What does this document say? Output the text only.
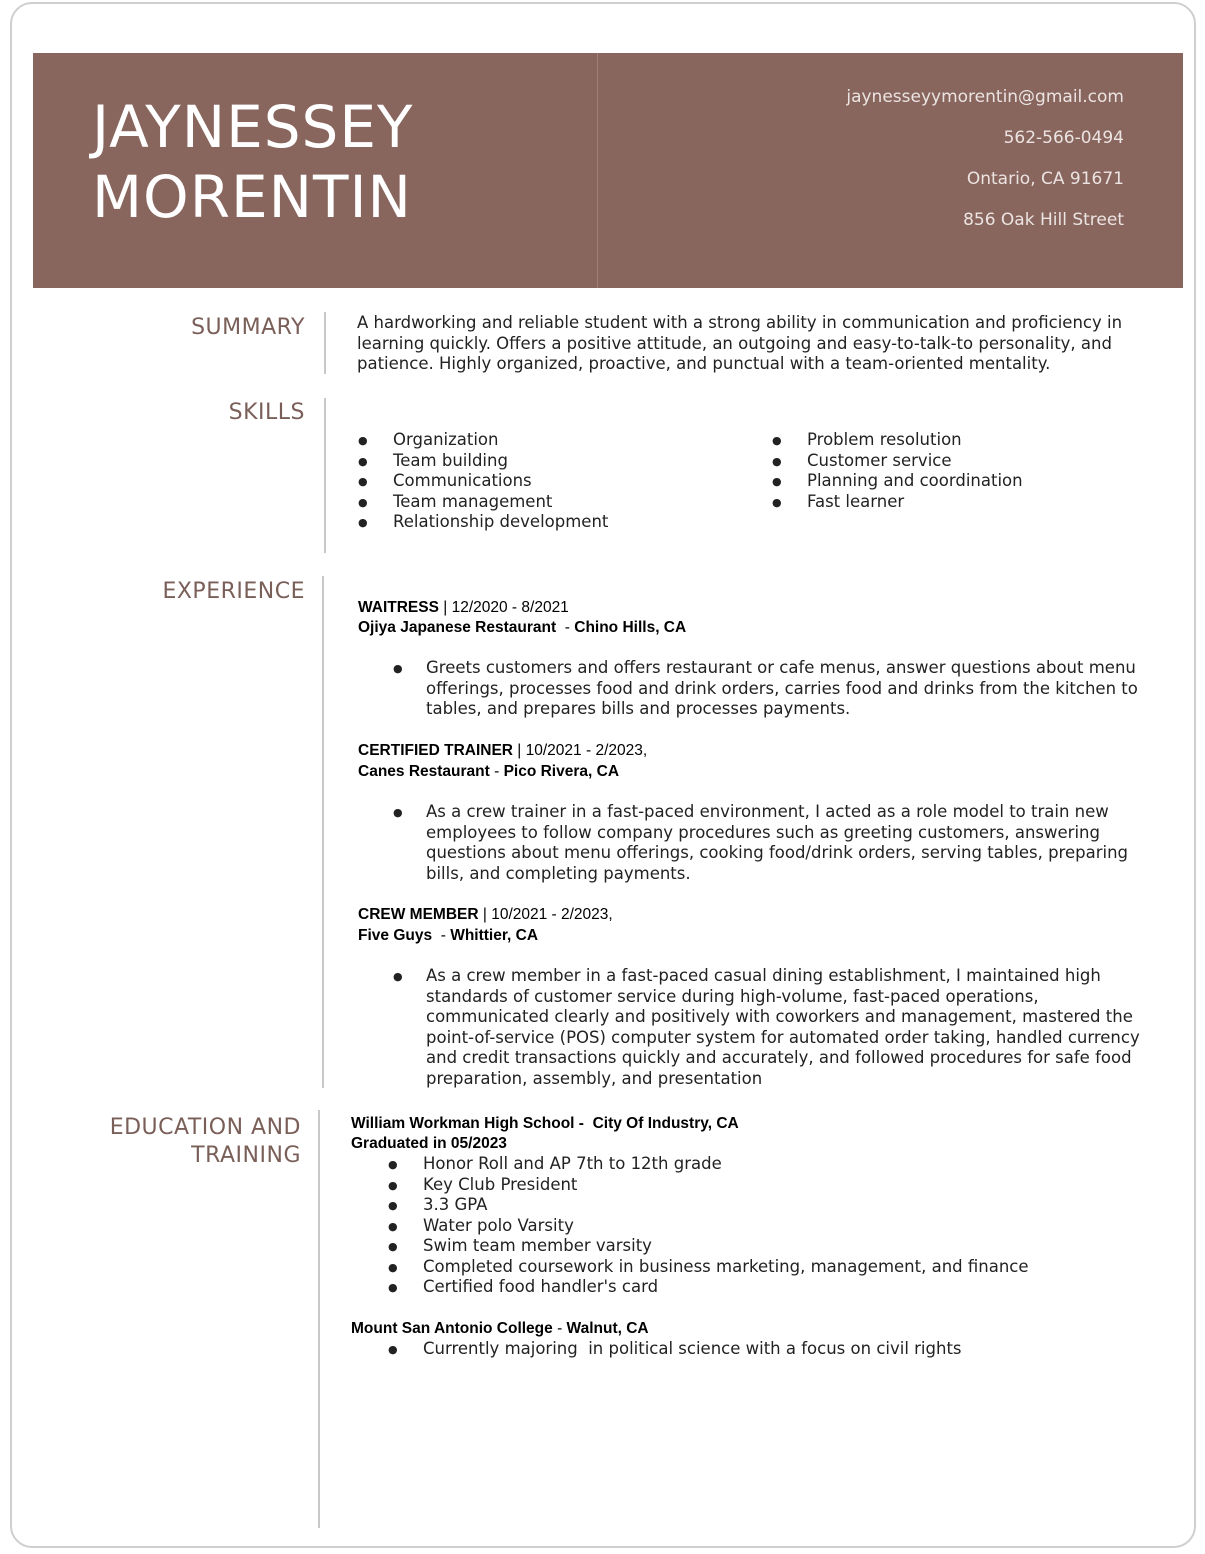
JAYNESSEY
MORENTIN
jaynesseyymorentin@gmail.com
562-566-0494
Ontario, CA 91671
856 Oak Hill Street
SUMMARY	A hardworking and reliable student with a strong ability in communication and proficiency in learning quickly. Offers a positive attitude, an outgoing and easy-to-talk-to personality, and patience. Highly organized, proactive, and punctual with a team-oriented mentality.
SKILLS
● Organization
● Team building
● Communications
● Team management
● Relationship development
● Problem resolution
● Customer service
● Planning and coordination
● Fast learner
EXPERIENCE
WAITRESS | 12/2020 - 8/2021
Ojiya Japanese Restaurant  - Chino Hills, CA
● Greets customers and offers restaurant or cafe menus, answer questions about menu offerings, processes food and drink orders, carries food and drinks from the kitchen to tables, and prepares bills and processes payments.
CERTIFIED TRAINER | 10/2021 - 2/2023,
Canes Restaurant - Pico Rivera, CA
● As a crew trainer in a fast-paced environment, I acted as a role model to train new employees to follow company procedures such as greeting customers, answering questions about menu offerings, cooking food/drink orders, serving tables, preparing bills, and completing payments.
CREW MEMBER | 10/2021 - 2/2023,
Five Guys  - Whittier, CA
● As a crew member in a fast-paced casual dining establishment, I maintained high standards of customer service during high-volume, fast-paced operations, communicated clearly and positively with coworkers and management, mastered the point-of-service (POS) computer system for automated order taking, handled currency and credit transactions quickly and accurately, and followed procedures for safe food preparation, assembly, and presentation
EDUCATION AND
TRAINING
William Workman High School -  City Of Industry, CA
Graduated in 05/2023
● Honor Roll and AP 7th to 12th grade
● Key Club President
● 3.3 GPA
● Water polo Varsity
● Swim team member varsity
● Completed coursework in business marketing, management, and finance
● Certified food handler's card
Mount San Antonio College - Walnut, CA
● Currently majoring  in political science with a focus on civil rights
